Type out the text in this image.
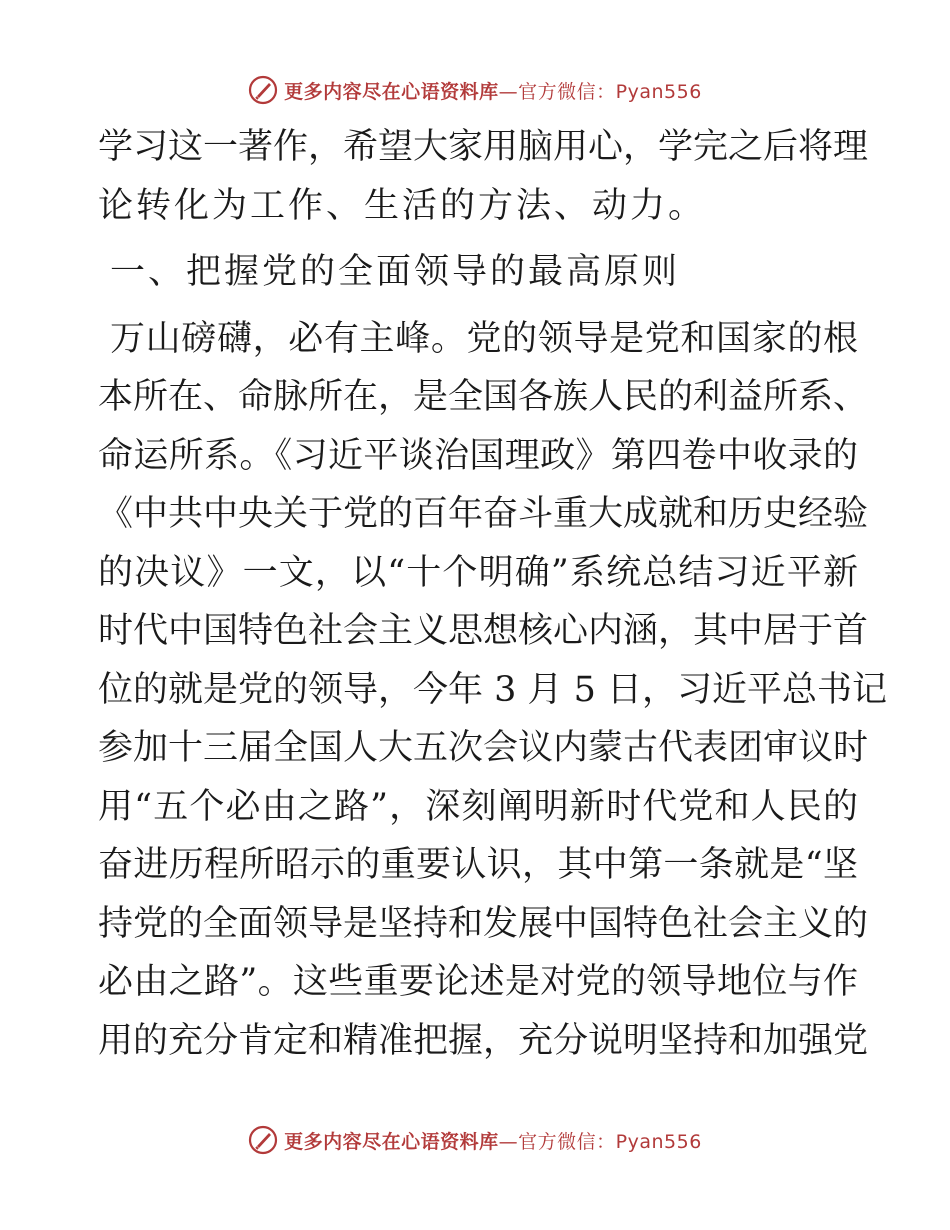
更多内容尽在心语资料库—官方微信：Pyan556
学习这一著作，希望大家用脑用心，学完之后将理
论转化为工作、生活的方法、动力。
一、把握党的全面领导的最高原则
万山磅礴，必有主峰。党的领导是党和国家的根
本所在、命脉所在，是全国各族人民的利益所系、
命运所系。《习近平谈治国理政》第四卷中收录的
《中共中央关于党的百年奋斗重大成就和历史经验
的决议》一文，以“十个明确”系统总结习近平新
时代中国特色社会主义思想核心内涵，其中居于首
位的就是党的领导，今年 3 月 5 日，习近平总书记
参加十三届全国人大五次会议内蒙古代表团审议时
用“五个必由之路”，深刻阐明新时代党和人民的
奋进历程所昭示的重要认识，其中第一条就是“坚
持党的全面领导是坚持和发展中国特色社会主义的
必由之路”。这些重要论述是对党的领导地位与作
用的充分肯定和精准把握，充分说明坚持和加强党
更多内容尽在心语资料库—官方微信：Pyan556
